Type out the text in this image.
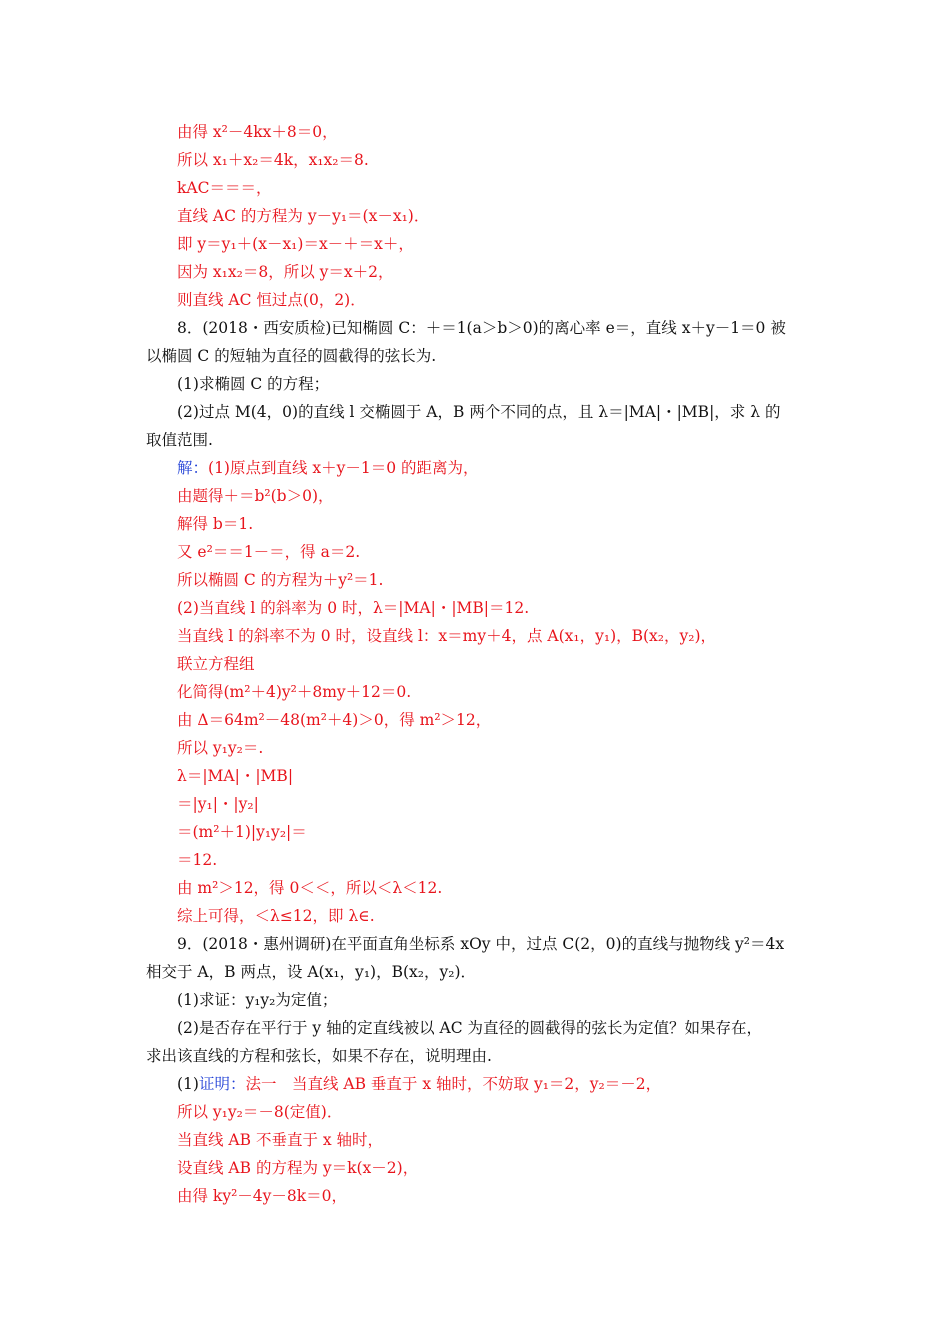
由得 x²－4kx＋8＝0，
所以 x₁＋x₂＝4k，x₁x₂＝8.
kAC＝＝＝，
直线 AC 的方程为 y－y₁＝(x－x₁)．
即 y＝y₁＋(x－x₁)＝x－＋＝x＋，
因为 x₁x₂＝8，所以 y＝x＋2，
则直线 AC 恒过点(0，2)．
8．(2018・西安质检)已知椭圆 C：＋＝1(a＞b＞0)的离心率 e＝，直线 x＋y－1＝0 被
以椭圆 C 的短轴为直径的圆截得的弦长为.
(1)求椭圆 C 的方程；
(2)过点 M(4，0)的直线 l 交椭圆于 A，B 两个不同的点，且 λ＝|MA|・|MB|，求 λ 的
取值范围.
解：(1)原点到直线 x＋y－1＝0 的距离为，
由题得＋＝b²(b＞0)，
解得 b＝1.
又 e²＝＝1－＝，得 a＝2.
所以椭圆 C 的方程为＋y²＝1.
(2)当直线 l 的斜率为 0 时，λ＝|MA|・|MB|＝12.
当直线 l 的斜率不为 0 时，设直线 l：x＝my＋4，点 A(x₁，y₁)，B(x₂，y₂)，
联立方程组
化简得(m²＋4)y²＋8my＋12＝0.
由 Δ＝64m²－48(m²＋4)＞0，得 m²＞12，
所以 y₁y₂＝.
λ＝|MA|・|MB|
＝|y₁|・|y₂|
＝(m²＋1)|y₁y₂|＝
＝12.
由 m²＞12，得 0＜＜，所以＜λ＜12.
综上可得，＜λ≤12，即 λ∈.
9．(2018・惠州调研)在平面直角坐标系 xOy 中，过点 C(2，0)的直线与抛物线 y²＝4x
相交于 A，B 两点，设 A(x₁，y₁)，B(x₂，y₂)．
(1)求证：y₁y₂为定值；
(2)是否存在平行于 y 轴的定直线被以 AC 为直径的圆截得的弦长为定值？如果存在，
求出该直线的方程和弦长，如果不存在，说明理由.
(1)证明：法一　当直线 AB 垂直于 x 轴时，不妨取 y₁＝2，y₂＝－2，
所以 y₁y₂＝－8(定值)．
当直线 AB 不垂直于 x 轴时，
设直线 AB 的方程为 y＝k(x－2)，
由得 ky²－4y－8k＝0，
